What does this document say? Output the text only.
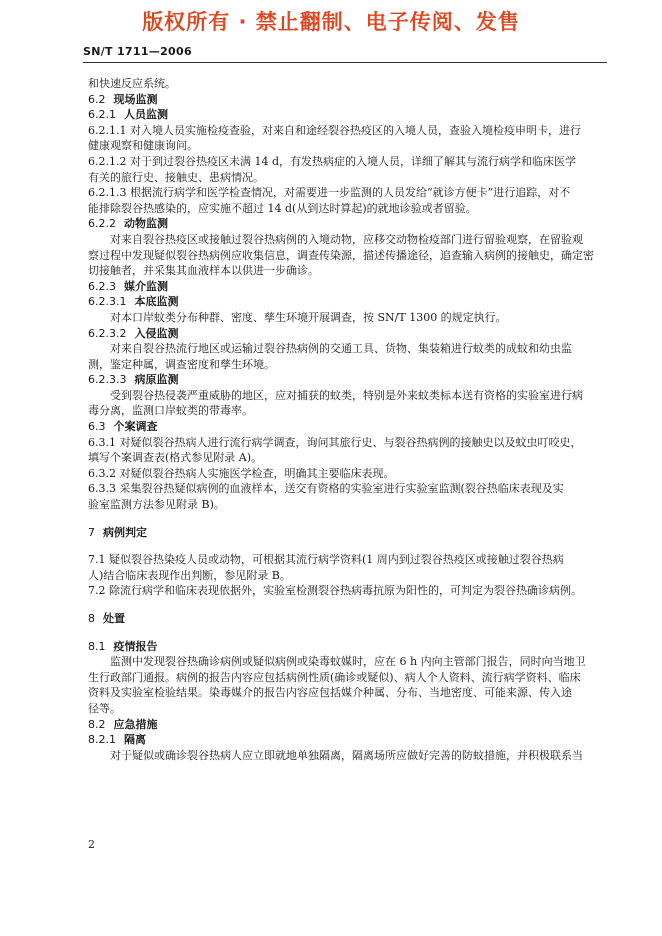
版权所有 · 禁止翻制、电子传阅、发售
SN/T 1711—2006
和快速反应系统。
6.2 现场监测
6.2.1 人员监测
6.2.1.1 对入境人员实施检疫查验，对来自和途经裂谷热疫区的入境人员，查验入境检疫申明卡，进行
健康观察和健康询问。
6.2.1.2 对于到过裂谷热疫区未满 14 d，有发热病症的入境人员，详细了解其与流行病学和临床医学
有关的旅行史、接触史、患病情况。
6.2.1.3 根据流行病学和医学检查情况，对需要进一步监测的人员发给“就诊方便卡”进行追踪，对不
能排除裂谷热感染的，应实施不超过 14 d(从到达时算起)的就地诊验或者留验。
6.2.2 动物监测
对来自裂谷热疫区或接触过裂谷热病例的入境动物，应移交动物检疫部门进行留验观察，在留验观
察过程中发现疑似裂谷热病例应收集信息，调查传染源，描述传播途径，追查输入病例的接触史，确定密
切接触者，并采集其血液样本以供进一步确诊。
6.2.3 媒介监测
6.2.3.1 本底监测
对本口岸蚊类分布种群、密度、孳生环境开展调查，按 SN/T 1300 的规定执行。
6.2.3.2 入侵监测
对来自裂谷热流行地区或运输过裂谷热病例的交通工具、货物、集装箱进行蚊类的成蚊和幼虫监
测，鉴定种属，调查密度和孳生环境。
6.2.3.3 病原监测
受到裂谷热侵袭严重威胁的地区，应对捕获的蚊类，特别是外来蚊类标本送有资格的实验室进行病
毒分离，监测口岸蚊类的带毒率。
6.3 个案调查
6.3.1 对疑似裂谷热病人进行流行病学调查，询问其旅行史、与裂谷热病例的接触史以及蚊虫叮咬史，
填写个案调查表(格式参见附录 A)。
6.3.2 对疑似裂谷热病人实施医学检查，明确其主要临床表现。
6.3.3 采集裂谷热疑似病例的血液样本，送交有资格的实验室进行实验室监测(裂谷热临床表现及实
验室监测方法参见附录 B)。
7 病例判定
7.1 疑似裂谷热染疫人员或动物，可根据其流行病学资料(1 周内到过裂谷热疫区或接触过裂谷热病
人)结合临床表现作出判断，参见附录 B。
7.2 除流行病学和临床表现依据外，实验室检测裂谷热病毒抗原为阳性的，可判定为裂谷热确诊病例。
8 处置
8.1 疫情报告
监测中发现裂谷热确诊病例或疑似病例或染毒蚊媒时，应在 6 h 内向主管部门报告，同时向当地卫
生行政部门通报。病例的报告内容应包括病例性质(确诊或疑似)、病人个人资料、流行病学资料、临床
资料及实验室检验结果。染毒媒介的报告内容应包括媒介种属、分布、当地密度、可能来源、传入途
径等。
8.2 应急措施
8.2.1 隔离
对于疑似或确诊裂谷热病人应立即就地单独隔离，隔离场所应做好完善的防蚊措施，并积极联系当
2
